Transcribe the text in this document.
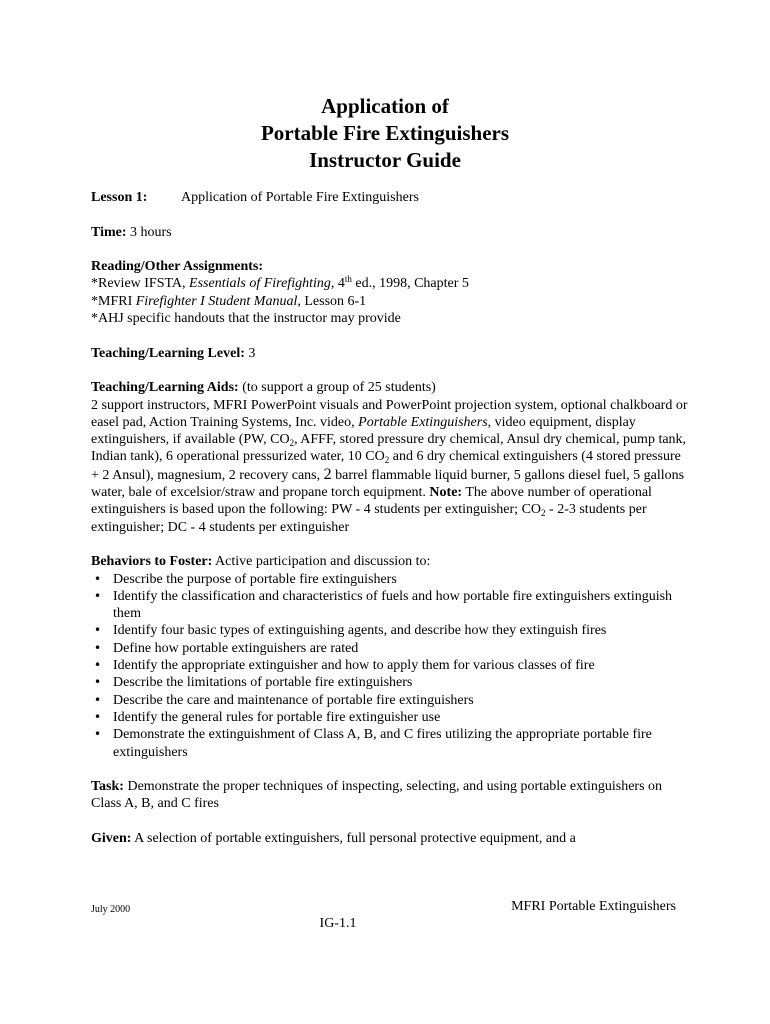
Application of
Portable Fire Extinguishers
Instructor Guide

Lesson 1: Application of Portable Fire Extinguishers

Time: 3 hours

Reading/Other Assignments:
*Review IFSTA, Essentials of Firefighting, 4th ed., 1998, Chapter 5
*MFRI Firefighter I Student Manual, Lesson 6-1
*AHJ specific handouts that the instructor may provide

Teaching/Learning Level: 3

Teaching/Learning Aids: (to support a group of 25 students)
2 support instructors, MFRI PowerPoint visuals and PowerPoint projection system, optional chalkboard or easel pad, Action Training Systems, Inc. video, Portable Extinguishers, video equipment, display extinguishers, if available (PW, $CO_2$, AFFF, stored pressure dry chemical, Ansul dry chemical, pump tank, Indian tank), 6 operational pressurized water, 10 $CO_2$ and 6 dry chemical extinguishers (4 stored pressure + 2 Ansul), magnesium, 2 recovery cans, 2 barrel flammable liquid burner, 5 gallons diesel fuel, 5 gallons water, bale of excelsior/straw and propane torch equipment. Note: The above number of operational extinguishers is based upon the following: PW - 4 students per extinguisher; $CO_2 - 2-3$ students per extinguisher; DC - 4 students per extinguisher

Behaviors to Foster: Active participation and discussion to:

• Describe the purpose of portable fire extinguishers
• Identify the classification and characteristics of fuels and how portable fire extinguishers extinguish them
• Identify four basic types of extinguishing agents, and describe how they extinguish fires
• Define how portable extinguishers are rated
• Identify the appropriate extinguisher and how to apply them for various classes of fire
• Describe the limitations of portable fire extinguishers
• Describe the care and maintenance of portable fire extinguishers
• Identify the general rules for portable fire extinguisher use
• Demonstrate the extinguishment of Class A, B, and C fires utilizing the appropriate portable fire extinguishers

Task: Demonstrate the proper techniques of inspecting, selecting, and using portable extinguishers on Class A, B, and C fires

Given: A selection of portable extinguishers, full personal protective equipment, and a

July 2000	MFRI Portable Extinguishers
IG-1.1
